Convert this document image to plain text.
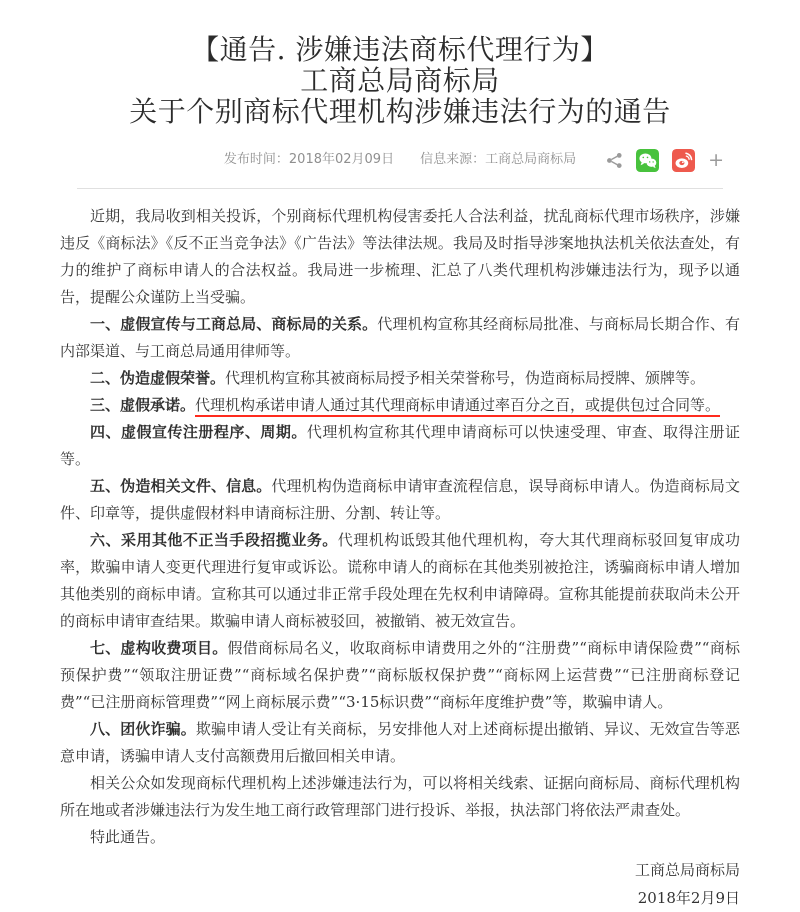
【通告. 涉嫌违法商标代理行为】
工商总局商标局
关于个别商标代理机构涉嫌违法行为的通告
发布时间：2018年02月09日 信息来源：工商总局商标局	+

近期，我局收到相关投诉，个别商标代理机构侵害委托人合法利益，扰乱商标代理市场秩序，涉嫌违反《商标法》《反不正当竞争法》《广告法》等法律法规。我局及时指导涉案地执法机关依法查处，有力的维护了商标申请人的合法权益。我局进一步梳理、汇总了八类代理机构涉嫌违法行为，现予以通告，提醒公众谨防上当受骗。

一、虚假宣传与工商总局、商标局的关系。代理机构宣称其经商标局批准、与商标局长期合作、有内部渠道、与工商总局通用律师等。

二、伪造虚假荣誉。代理机构宣称其被商标局授予相关荣誉称号，伪造商标局授牌、颁牌等。

三、虚假承诺。代理机构承诺申请人通过其代理商标申请通过率百分之百，或提供包过合同等。

四、虚假宣传注册程序、周期。代理机构宣称其代理申请商标可以快速受理、审查、取得注册证等。

五、伪造相关文件、信息。代理机构伪造商标申请审查流程信息，误导商标申请人。伪造商标局文件、印章等，提供虚假材料申请商标注册、分割、转让等。

六、采用其他不正当手段招揽业务。代理机构诋毁其他代理机构，夸大其代理商标驳回复审成功率，欺骗申请人变更代理进行复审或诉讼。谎称申请人的商标在其他类别被抢注，诱骗商标申请人增加其他类别的商标申请。宣称其可以通过非正常手段处理在先权利申请障碍。宣称其能提前获取尚未公开的商标申请审查结果。欺骗申请人商标被驳回，被撤销、被无效宣告。

七、虚构收费项目。假借商标局名义，收取商标申请费用之外的“注册费”“商标申请保险费”“商标预保护费”“领取注册证费”“商标域名保护费”“商标版权保护费”“商标网上运营费”“已注册商标登记费”“已注册商标管理费”“网上商标展示费”“3·15标识费”“商标年度维护费”等，欺骗申请人。

八、团伙诈骗。欺骗申请人受让有关商标，另安排他人对上述商标提出撤销、异议、无效宣告等恶意申请，诱骗申请人支付高额费用后撤回相关申请。

相关公众如发现商标代理机构上述涉嫌违法行为，可以将相关线索、证据向商标局、商标代理机构所在地或者涉嫌违法行为发生地工商行政管理部门进行投诉、举报，执法部门将依法严肃查处。

特此通告。

工商总局商标局
2018年2月9日
